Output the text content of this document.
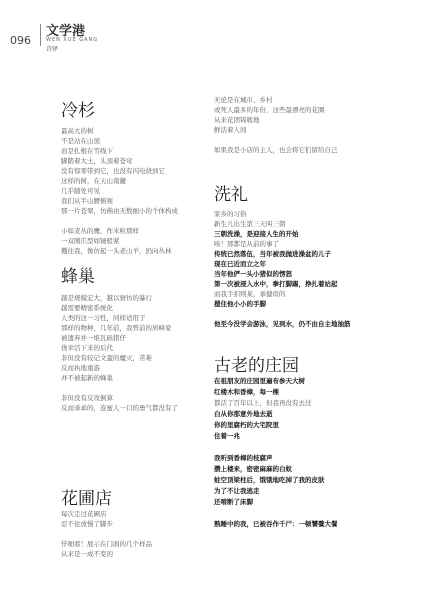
096
文学港
WEN XUE GANG
诗铎
冷杉
最高大的树
不是站在山顶
而是扎根在雪线下
脚踏着大土，头顶着苍穹
没有惊零带到它，也没有闪电烧到它
这样的树，在天山南麓
几乎随处可见
我们从半山腰俯视
那一片苍翠，仿佛由无数细小的个体构成
小如麦丛的鹰，作米粒那样
一双刚爪型如锤般紧
攫住我，像仿起一头老山羊，扔向丛林
蜂巢
越是规模宏大，越以窘仿的暴行
越需要精密系统化
人类的这一习性，同样适用于
那样的物种，几年前，我曾前的居峰家
被遗弃并一堆瓦砾猪仔
侥幸活下来的后代
非但没有较记文蛮的魔灭，苦难
反而执地重游
并不被起新的蜂巢
非但没有反攻倒算
反而乖乖的，连蜜人一口的勇气都没有了
花圃店
每次走过花圃店
忍不住放慢了脚步
仔细看！展示在门面的几个样品
从来是一成不变的
无论是在城市、乡村
或死人最多的年份，这些最漂亮的花圈
从来花团锦簇地
鲜活着人间
如果我是小店的主人，也会将它们留给自己
洗礼
家乡的习俗
新生儿出生第三天叫三朝
三朝洗澡，是迎接人生的开始
唉！那都是从前的事了
传统已然落伍，当年被我抛进澡盆的儿子
现在已近而立之年
当年他俨一头小猪似的愣怒
第一次被浸入水中，拳打脚踢，挣扎着站起
而我手扣则某，承健似的
摁住他小小的手脚
他至今没学会游泳，见到水，仍不由自主地抽筋
古老的庄园
在祖朋友的庄园里遍布参天大树
红楼木和香樟，每一棵
都活了百年以上，但我再没有去过
白从你那意外地去逝
你的里腐朽的大宅院里
住着一兆
我听到香樟的枝腐声
攒上楼来，密密麻麻的白蚁
蛀空顶梁柱后，饿饿地吃掉了我的皮肤
为了不让我逃走
还啃断了床脚
熟睡中的我，已被吞作千尸：一顿饕餮大餐
